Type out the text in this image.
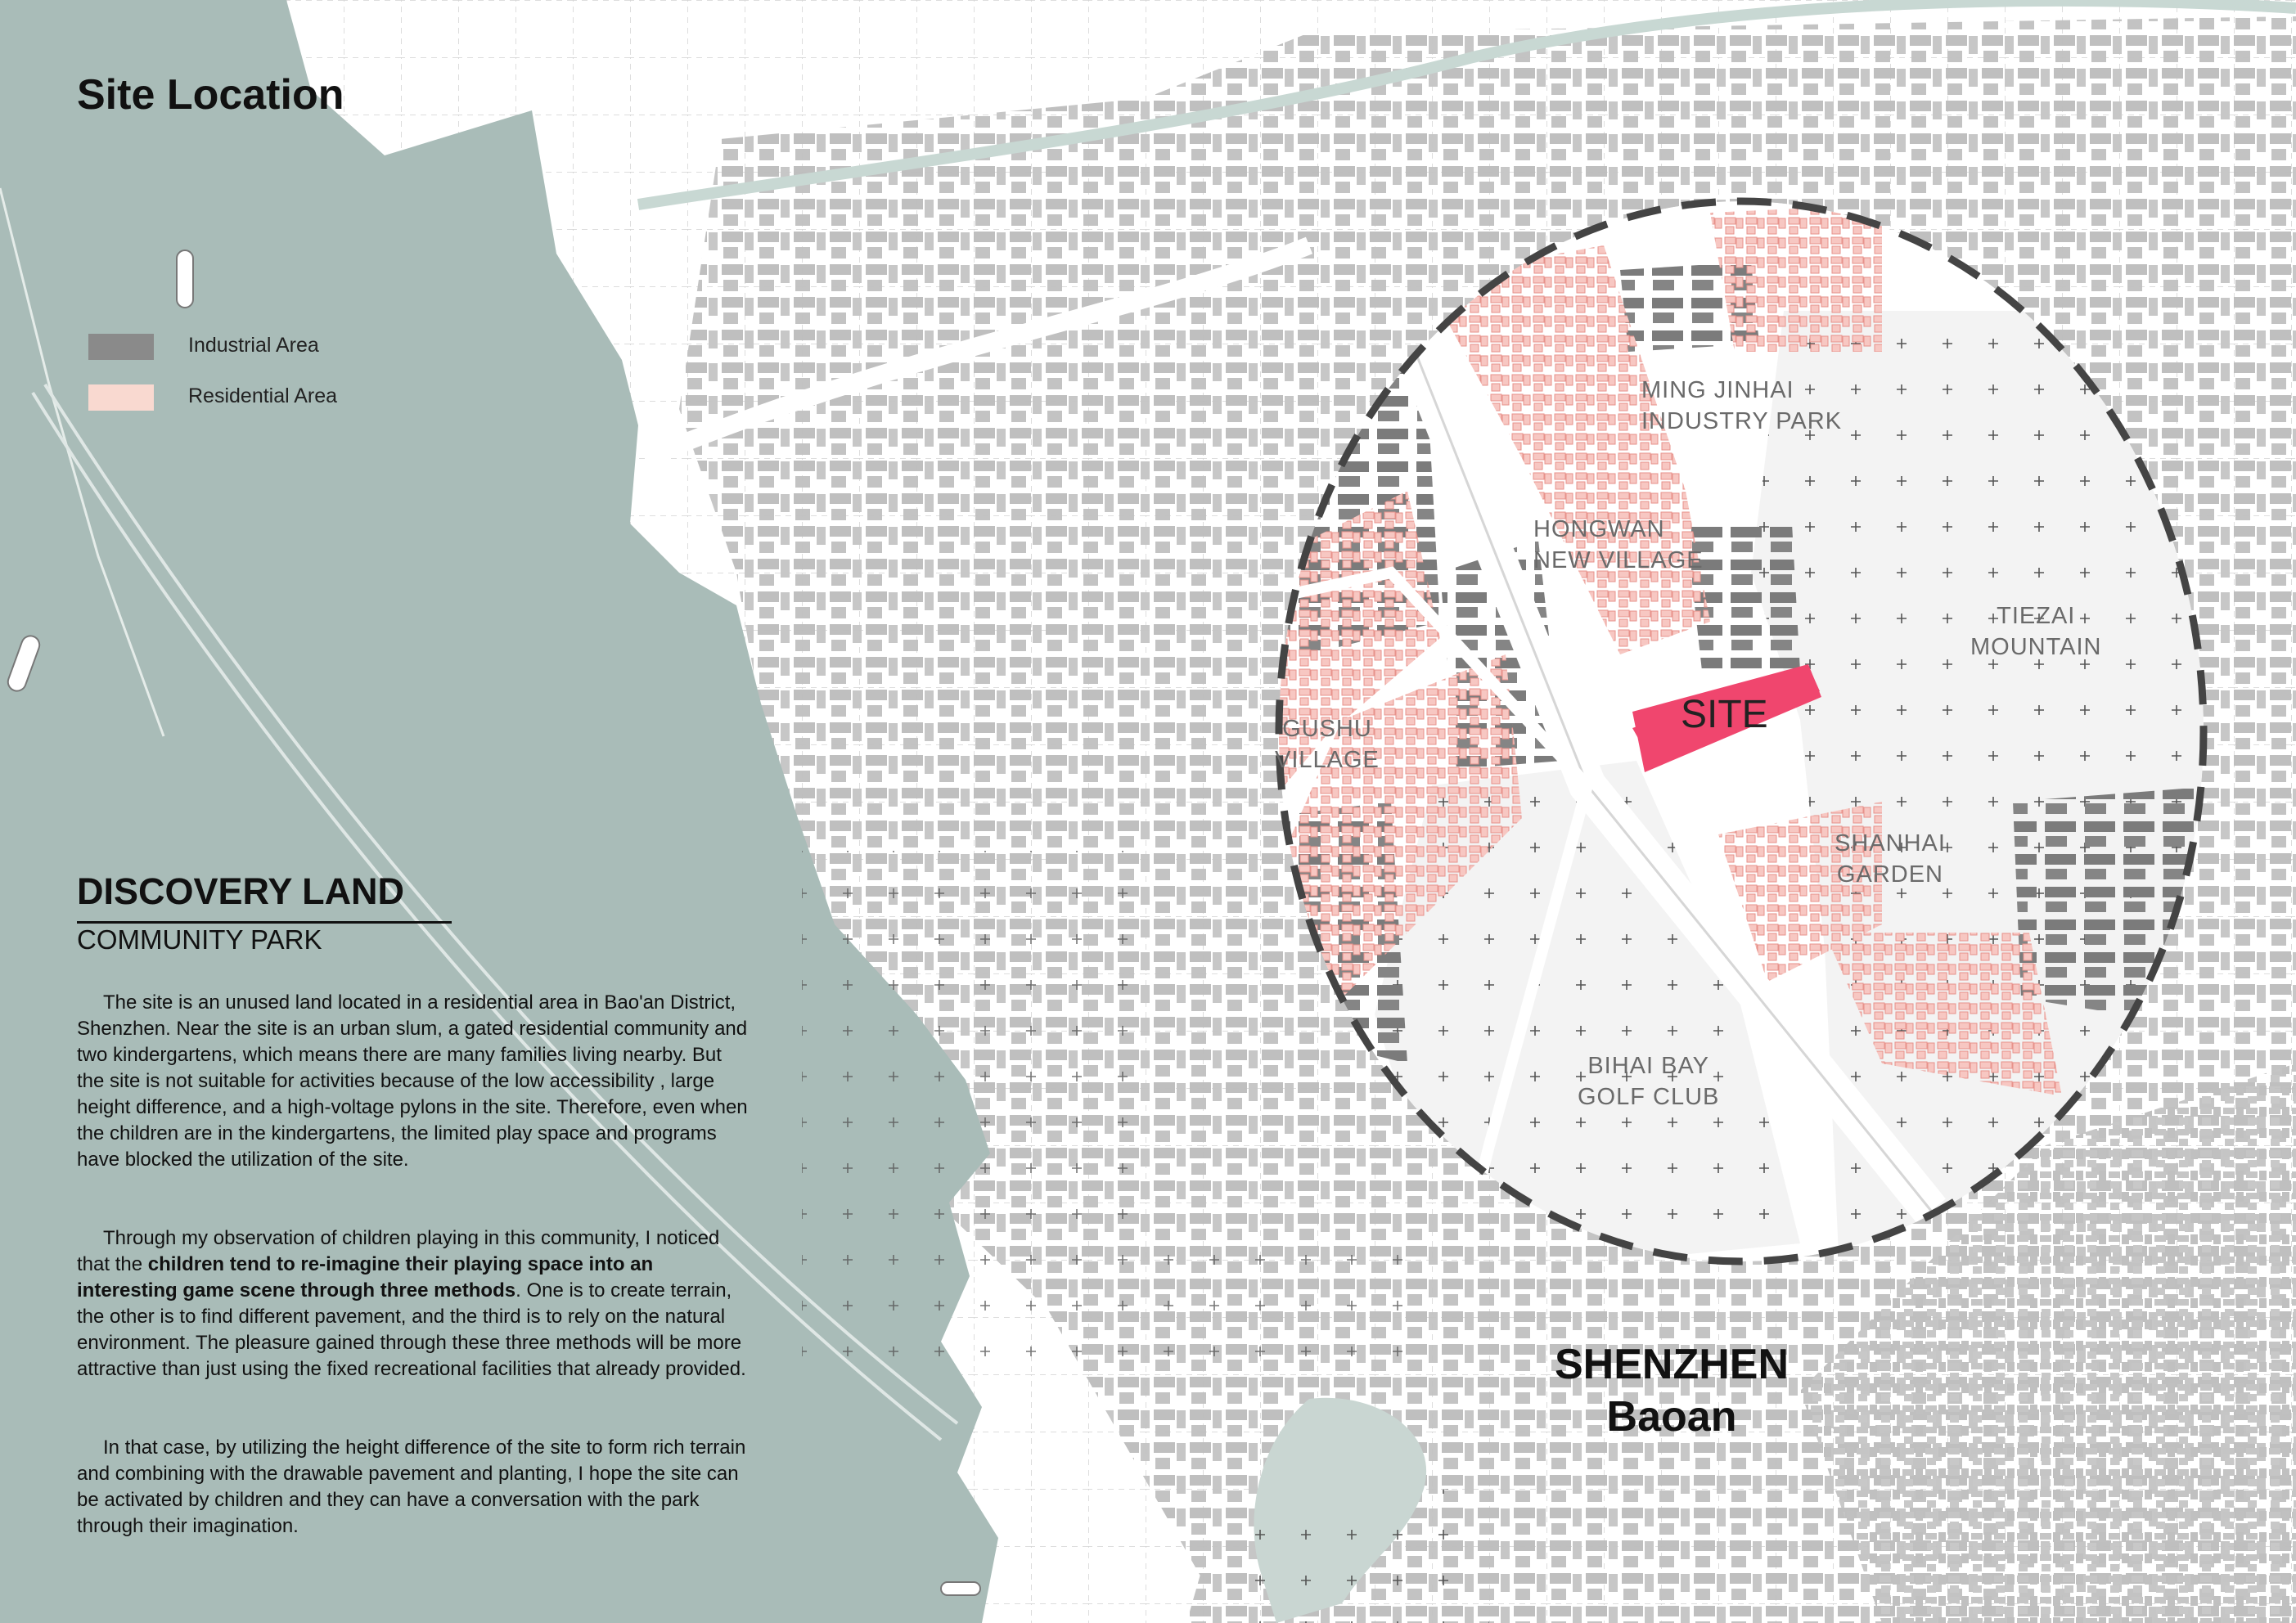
Site Location
Industrial Area
Residential Area	MING JINHAI
INDUSTRY PARK
HONGWAN
NEW VILLAGE
TIEZAI
MOUNTAIN
GUSHU
VILLAGE
SHANHAI
GARDEN
BIHAI BAY
GOLF CLUB
SITE
SHENZHEN
Baoan
DISCOVERY LAND
COMMUNITY PARK

The site is an unused land located in a residential area in Bao'an District, Shenzhen. Near the site is an urban slum, a gated residential community and two kindergartens, which means there are many families living nearby. But the site is not suitable for activities because of the low accessibility , large height difference, and a high-voltage pylons in the site. Therefore, even when the children are in the kindergartens, the limited play space and programs have blocked the utilization of the site.

Through my observation of children playing in this community, I noticed that the children tend to re-imagine their playing space into an interesting game scene through three methods. One is to create terrain, the other is to find different pavement, and the third is to rely on the natural environment. The pleasure gained through these three methods will be more attractive than just using the fixed recreational facilities that already provided.

In that case, by utilizing the height difference of the site to form rich terrain and combining with the drawable pavement and planting, I hope the site can be activated by children and they can have a conversation with the park through their imagination.
